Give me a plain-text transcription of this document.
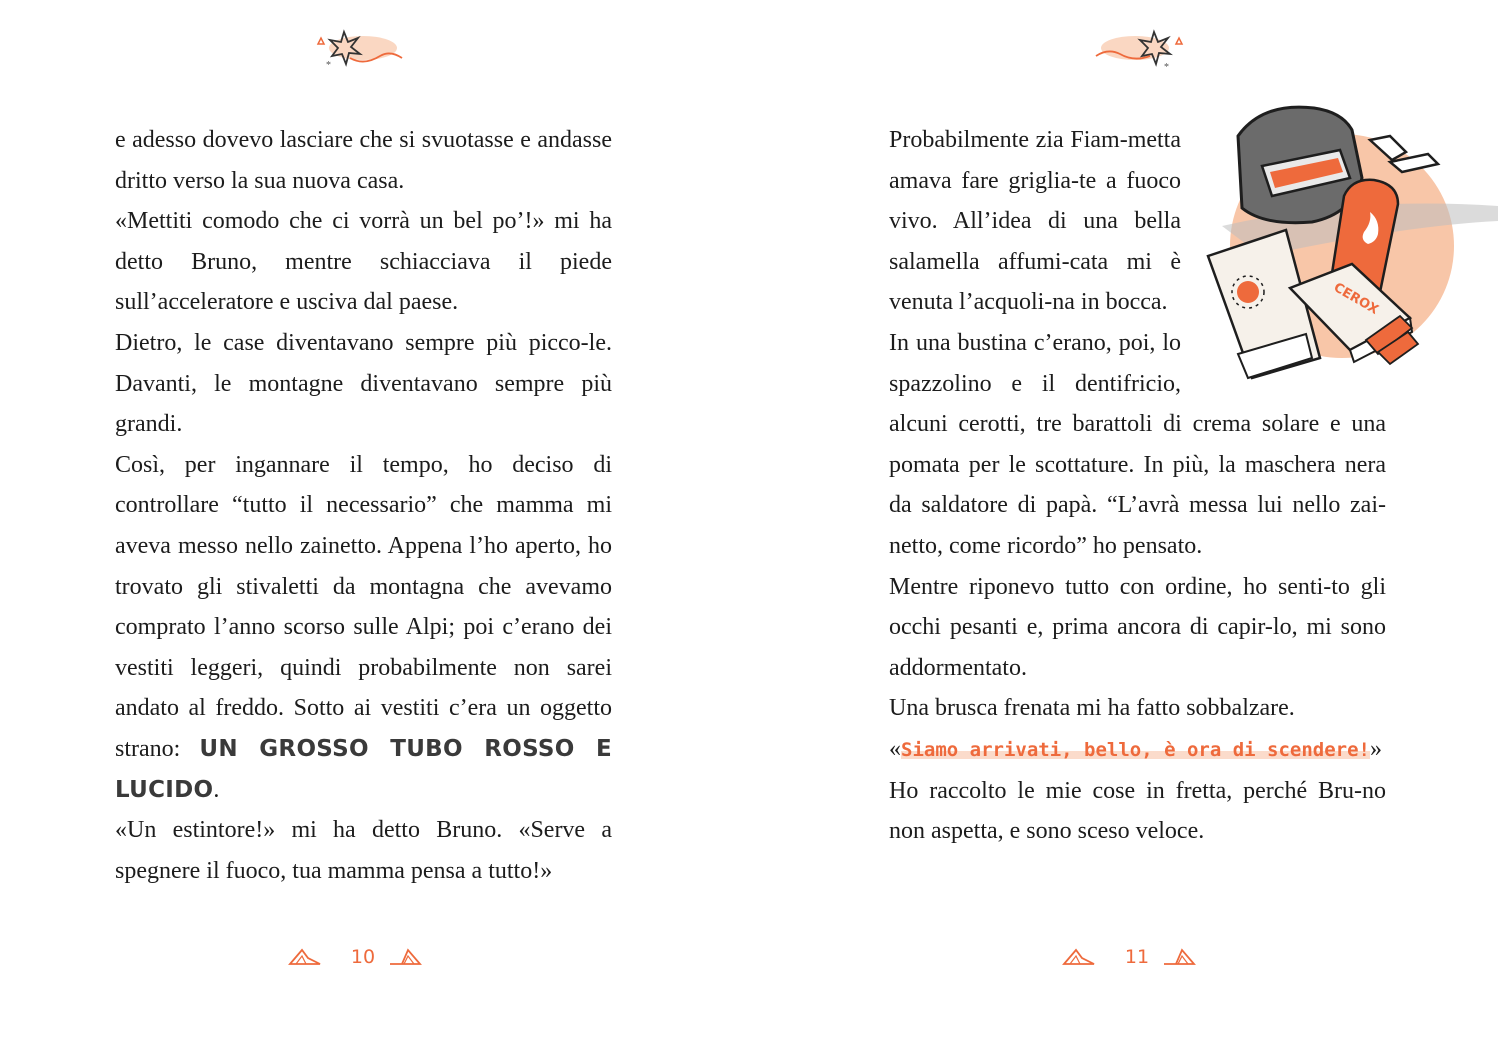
*

e adesso dovevo lasciare che si svuotasse e andasse dritto verso la sua nuova casa.

«Mettiti comodo che ci vorrà un bel po’!» mi ha detto Bruno, mentre schiacciava il piede sull’acceleratore e usciva dal paese.

Dietro, le case diventavano sempre più picco-le. Davanti, le montagne diventavano sempre più grandi.

Così, per ingannare il tempo, ho deciso di controllare “tutto il necessario” che mamma mi aveva messo nello zainetto. Appena l’ho aperto, ho trovato gli stivaletti da montagna che avevamo comprato l’anno scorso sulle Alpi; poi c’erano dei vestiti leggeri, quindi probabilmente non sarei andato al freddo. Sotto ai vestiti c’era un oggetto strano: UN GROSSO TUBO ROSSO E LUCIDO.

«Un estintore!» mi ha detto Bruno. «Serve a spegnere il fuoco, tua mamma pensa a tutto!»

10
*
CEROX

Probabilmente zia Fiam-metta amava fare griglia-te a fuoco vivo. All’idea di una bella salamella affumi-cata mi è venuta l’acquoli-na in bocca.

In una bustina c’erano, poi, lo spazzolino e il dentifricio, alcuni cerotti, tre barattoli di crema solare e una pomata per le scottature. In più, la maschera nera da saldatore di papà. “L’avrà messa lui nello zai-netto, come ricordo” ho pensato.

Mentre riponevo tutto con ordine, ho senti-to gli occhi pesanti e, prima ancora di capir-lo, mi sono addormentato.

Una brusca frenata mi ha fatto sobbalzare.

«Siamo arrivati, bello, è ora di scendere!»

Ho raccolto le mie cose in fretta, perché Bru-no non aspetta, e sono sceso veloce.

11
